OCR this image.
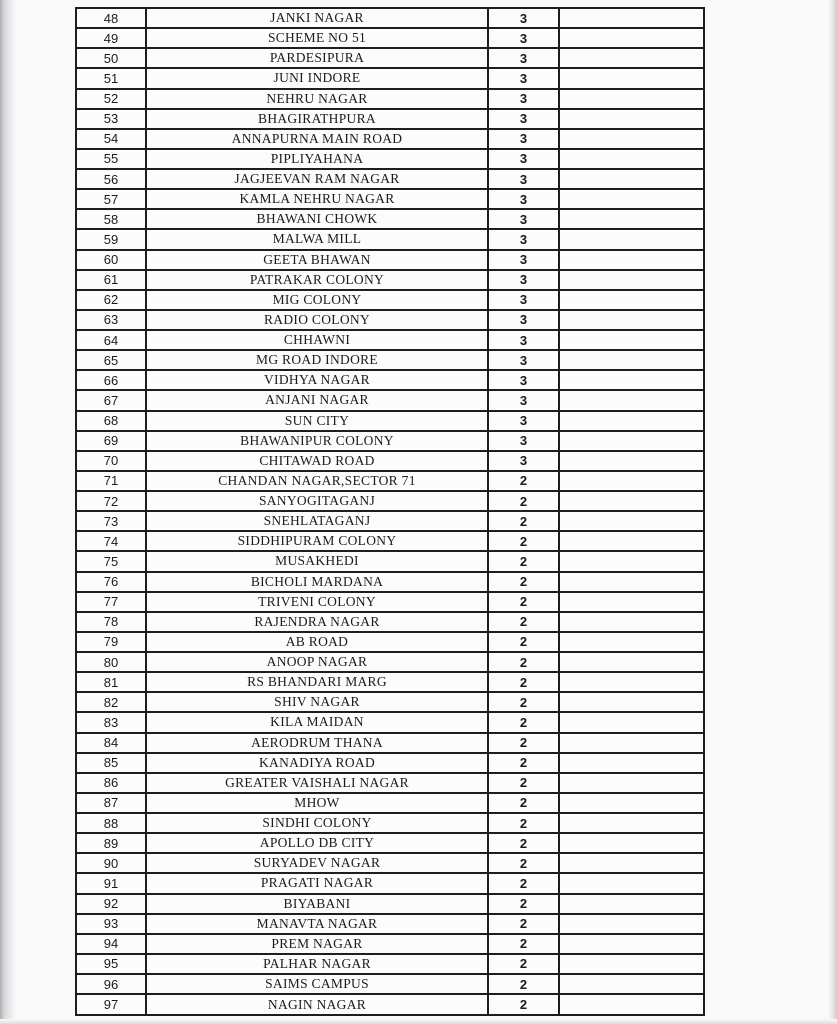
48	JANKI NAGAR	3	
49	SCHEME NO 51	3	
50	PARDESIPURA	3	
51	JUNI INDORE	3	
52	NEHRU NAGAR	3	
53	BHAGIRATHPURA	3	
54	ANNAPURNA MAIN ROAD	3	
55	PIPLIYAHANA	3	
56	JAGJEEVAN RAM NAGAR	3	
57	KAMLA NEHRU NAGAR	3	
58	BHAWANI CHOWK	3	
59	MALWA MILL	3	
60	GEETA BHAWAN	3	
61	PATRAKAR COLONY	3	
62	MIG COLONY	3	
63	RADIO COLONY	3	
64	CHHAWNI	3	
65	MG ROAD INDORE	3	
66	VIDHYA NAGAR	3	
67	ANJANI NAGAR	3	
68	SUN CITY	3	
69	BHAWANIPUR COLONY	3	
70	CHITAWAD ROAD	3	
71	CHANDAN NAGAR,SECTOR 71	2	
72	SANYOGITAGANJ	2	
73	SNEHLATAGANJ	2	
74	SIDDHIPURAM COLONY	2	
75	MUSAKHEDI	2	
76	BICHOLI MARDANA	2	
77	TRIVENI COLONY	2	
78	RAJENDRA NAGAR	2	
79	AB ROAD	2	
80	ANOOP NAGAR	2	
81	RS BHANDARI MARG	2	
82	SHIV NAGAR	2	
83	KILA MAIDAN	2	
84	AERODRUM THANA	2	
85	KANADIYA ROAD	2	
86	GREATER VAISHALI NAGAR	2	
87	MHOW	2	
88	SINDHI COLONY	2	
89	APOLLO DB CITY	2	
90	SURYADEV NAGAR	2	
91	PRAGATI NAGAR	2	
92	BIYABANI	2	
93	MANAVTA NAGAR	2	
94	PREM NAGAR	2	
95	PALHAR NAGAR	2	
96	SAIMS CAMPUS	2	
97	NAGIN NAGAR	2	
